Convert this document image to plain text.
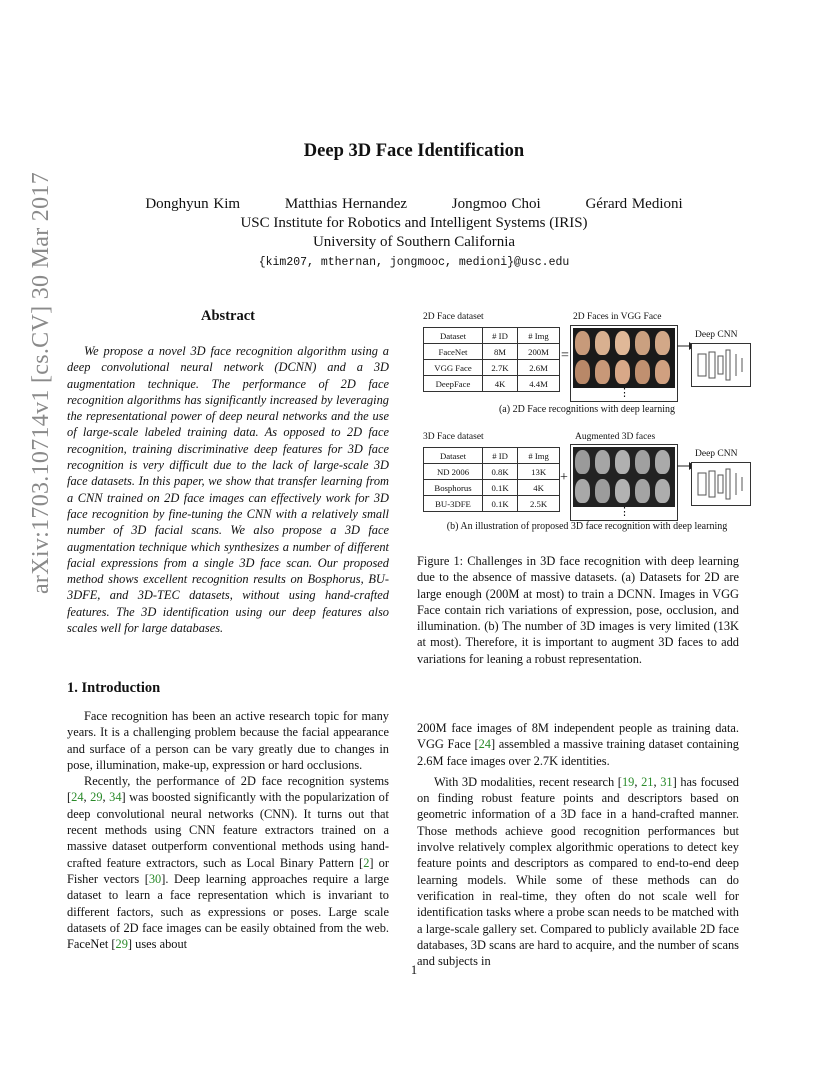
arXiv:1703.10714v1 [cs.CV] 30 Mar 2017
Deep 3D Face Identification
Donghyun Kim	Matthias Hernandez	Jongmoo Choi	Gérard Medioni
USC Institute for Robotics and Intelligent Systems (IRIS)
University of Southern California
{kim207, mthernan, jongmooc, medioni}@usc.edu
Abstract
We propose a novel 3D face recognition algorithm using a deep convolutional neural network (DCNN) and a 3D augmentation technique. The performance of 2D face recognition algorithms has significantly increased by leveraging the representational power of deep neural networks and the use of large-scale labeled training data. As opposed to 2D face recognition, training discriminative deep features for 3D face recognition is very difficult due to the lack of large-scale 3D face datasets. In this paper, we show that transfer learning from a CNN trained on 2D face images can effectively work for 3D face recognition by fine-tuning the CNN with a relatively small number of 3D facial scans. We also propose a 3D face augmentation technique which synthesizes a number of different facial expressions from a single 3D face scan. Our proposed method shows excellent recognition results on Bosphorus, BU-3DFE, and 3D-TEC datasets, without using hand-crafted features. The 3D identification using our deep features also scales well for large databases.
1. Introduction

Face recognition has been an active research topic for many years. It is a challenging problem because the facial appearance and surface of a person can be vary greatly due to changes in pose, illumination, make-up, expression or hard occlusions.

Recently, the performance of 2D face recognition systems [24, 29, 34] was boosted significantly with the popularization of deep convolutional neural networks (CNN). It turns out that recent methods using CNN feature extractors trained on a massive dataset outperform conventional methods using hand-crafted feature extractors, such as Local Binary Pattern [2] or Fisher vectors [30]. Deep learning approaches require a large dataset to learn a face representation which is invariant to different factors, such as expressions or poses. Large scale datasets of 2D face images can be easily obtained from the web. FaceNet [29] uses about

2D Face dataset	2D Faces in VGG Face
Dataset	# ID	# Img
FaceNet	8M	200M
VGG Face	2.7K	2.6M
DeepFace	4K	4.4M
=
⋮
Deep CNN
(a) 2D Face recognitions with deep learning
3D Face dataset	Augmented 3D faces
Dataset	# ID	# Img
ND 2006	0.8K	13K
Bosphorus	0.1K	4K
BU-3DFE	0.1K	2.5K
+
⋮
Deep CNN
(b) An illustration of proposed 3D face recognition with deep learning
Figure 1: Challenges in 3D face recognition with deep learning due to the absence of massive datasets. (a) Datasets for 2D are large enough (200M at most) to train a DCNN. Images in VGG Face contain rich variations of expression, pose, occlusion, and illumination. (b) The number of 3D images is very limited (13K at most). Therefore, it is important to augment 3D faces to add variations for leaning a robust representation.

200M face images of 8M independent people as training data. VGG Face [24] assembled a massive training dataset containing 2.6M face images over 2.7K identities.

With 3D modalities, recent research [19, 21, 31] has focused on finding robust feature points and descriptors based on geometric information of a 3D face in a hand-crafted manner. Those methods achieve good recognition performances but involve relatively complex algorithmic operations to detect key feature points and descriptors as compared to end-to-end deep learning models. While some of these methods can do verification in real-time, they often do not scale well for identification tasks where a probe scan needs to be matched with a large-scale gallery set. Compared to publicly available 2D face databases, 3D scans are hard to acquire, and the number of scans and subjects in

1
